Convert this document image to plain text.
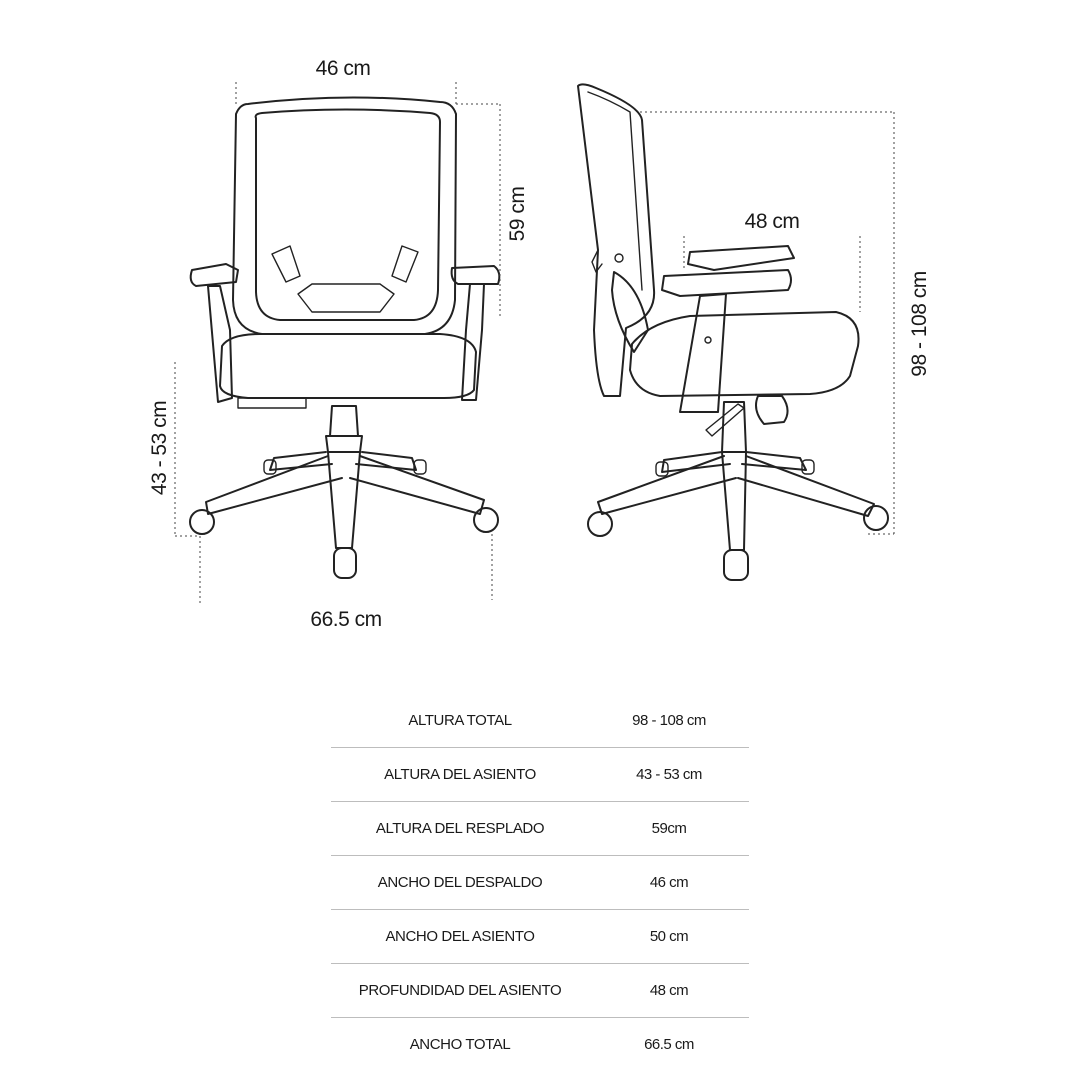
46 cm
59 cm
43 - 53 cm
66.5 cm
48 cm
98 - 108 cm
ALTURA TOTAL	98 - 108 cm
ALTURA DEL ASIENTO	43 - 53 cm
ALTURA DEL RESPLADO	59cm
ANCHO DEL DESPALDO	46 cm
ANCHO DEL ASIENTO	50 cm
PROFUNDIDAD DEL ASIENTO	48 cm
ANCHO TOTAL	66.5 cm
